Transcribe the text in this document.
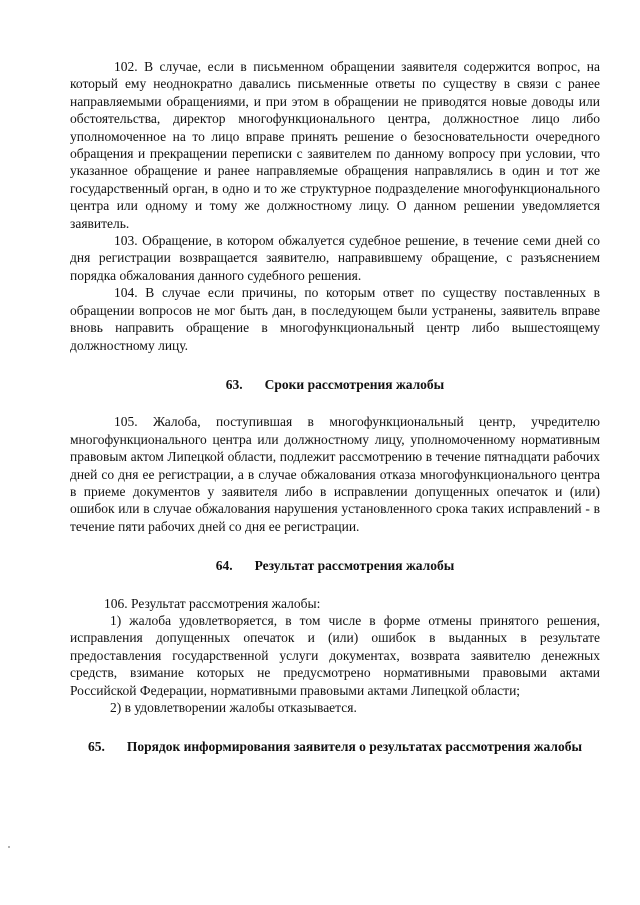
102. В случае, если в письменном обращении заявителя содержится вопрос, на который ему неоднократно давались письменные ответы по существу в связи с ранее направляемыми обращениями, и при этом в обращении не приводятся новые доводы или обстоятельства, директор многофункционального центра, должностное лицо либо уполномоченное на то лицо вправе принять решение о безосновательности очередного обращения и прекращении переписки с заявителем по данному вопросу при условии, что указанное обращение и ранее направляемые обращения направлялись в один и тот же государственный орган, в одно и то же структурное подразделение многофункционального центра или одному и тому же должностному лицу. О данном решении уведомляется заявитель.

103. Обращение, в котором обжалуется судебное решение, в течение семи дней со дня регистрации возвращается заявителю, направившему обращение, с разъяснением порядка обжалования данного судебного решения.

104. В случае если причины, по которым ответ по существу поставленных в обращении вопросов не мог быть дан, в последующем были устранены, заявитель вправе вновь направить обращение в многофункциональный центр либо вышестоящему должностному лицу.

63. Сроки рассмотрения жалобы

105. Жалоба, поступившая в многофункциональный центр, учредителю многофункционального центра или должностному лицу, уполномоченному нормативным правовым актом Липецкой области, подлежит рассмотрению в течение пятнадцати рабочих дней со дня ее регистрации, а в случае обжалования отказа многофункционального центра в приеме документов у заявителя либо в исправлении допущенных опечаток и (или) ошибок или в случае обжалования нарушения установленного срока таких исправлений - в течение пяти рабочих дней со дня ее регистрации.

64. Результат рассмотрения жалобы

106. Результат рассмотрения жалобы:

1) жалоба удовлетворяется, в том числе в форме отмены принятого решения, исправления допущенных опечаток и (или) ошибок в выданных в результате предоставления государственной услуги документах, возврата заявителю денежных средств, взимание которых не предусмотрено нормативными правовыми актами Российской Федерации, нормативными правовыми актами Липецкой области;

2) в удовлетворении жалобы отказывается.

65. Порядок информирования заявителя о результатах рассмотрения жалобы
